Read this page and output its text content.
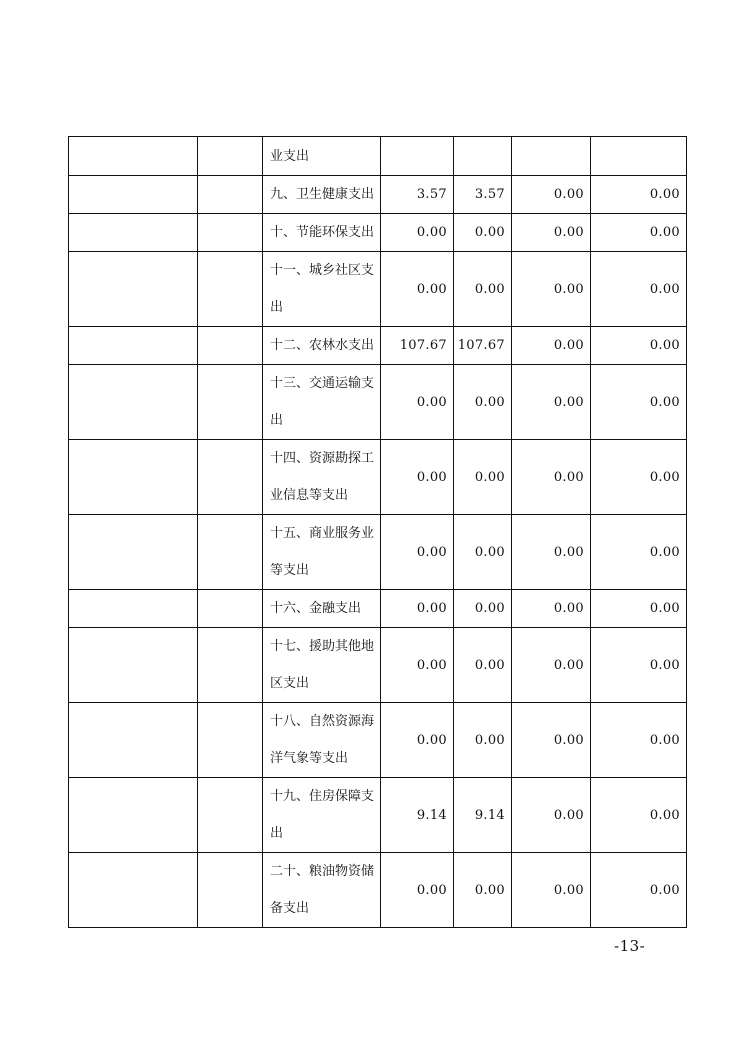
		业支出				
		九、卫生健康支出	3.57	3.57	0.00	0.00
		十、节能环保支出	0.00	0.00	0.00	0.00
		十一、城乡社区支出	0.00	0.00	0.00	0.00
		十二、农林水支出	107.67	107.67	0.00	0.00
		十三、交通运输支出	0.00	0.00	0.00	0.00
		十四、资源勘探工业信息等支出	0.00	0.00	0.00	0.00
		十五、商业服务业等支出	0.00	0.00	0.00	0.00
		十六、金融支出	0.00	0.00	0.00	0.00
		十七、援助其他地区支出	0.00	0.00	0.00	0.00
		十八、自然资源海洋气象等支出	0.00	0.00	0.00	0.00
		十九、住房保障支出	9.14	9.14	0.00	0.00
		二十、粮油物资储备支出	0.00	0.00	0.00	0.00
-13-
